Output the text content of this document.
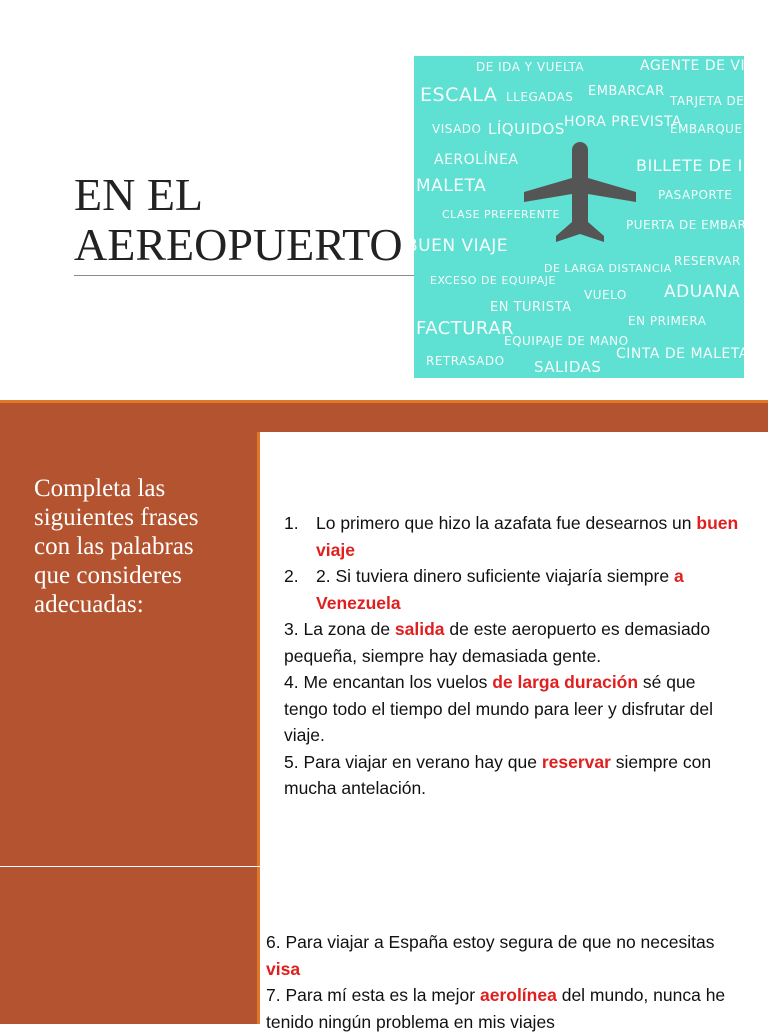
EN EL
AEREOPUERTO
DE IDA Y VUELTA	AGENTE DE VIAJE
ESCALA LLEGADAS EMBARCAR
TARJETA DE
VISADO LÍQUIDOS HORA PREVISTA
EMBARQUE
AEROLÍNEA	BILLETE DE IDA
MALETA	PASAPORTE
CLASE PREFERENTE
PUERTA DE EMBARQUE
BUEN VIAJE
EXCESO DE EQUIPAJE
DE LARGA DISTANCIA
RESERVAR
EN TURISTA
VUELO ADUANA
FACTURAR	EN PRIMERA
EQUIPAJE DE MANO
RETRASADO SALIDAS
CINTA DE MALETAS

Completa las siguientes frases con las palabras que consideres adecuadas:

1. Lo primero que hizo la azafata fue desearnos un buen viaje
2. 2. Si tuviera dinero suficiente viajaría siempre a Venezuela

3. La zona de salida de este aeropuerto es demasiado pequeña, siempre hay demasiada gente.

4. Me encantan los vuelos de larga duración sé que tengo todo el tiempo del mundo para leer y disfrutar del viaje.

5. Para viajar en verano hay que reservar siempre con mucha antelación.

6. Para viajar a España estoy segura de que no necesitas visa

7. Para mí esta es la mejor aerolínea del mundo, nunca he tenido ningún problema en mis viajes
